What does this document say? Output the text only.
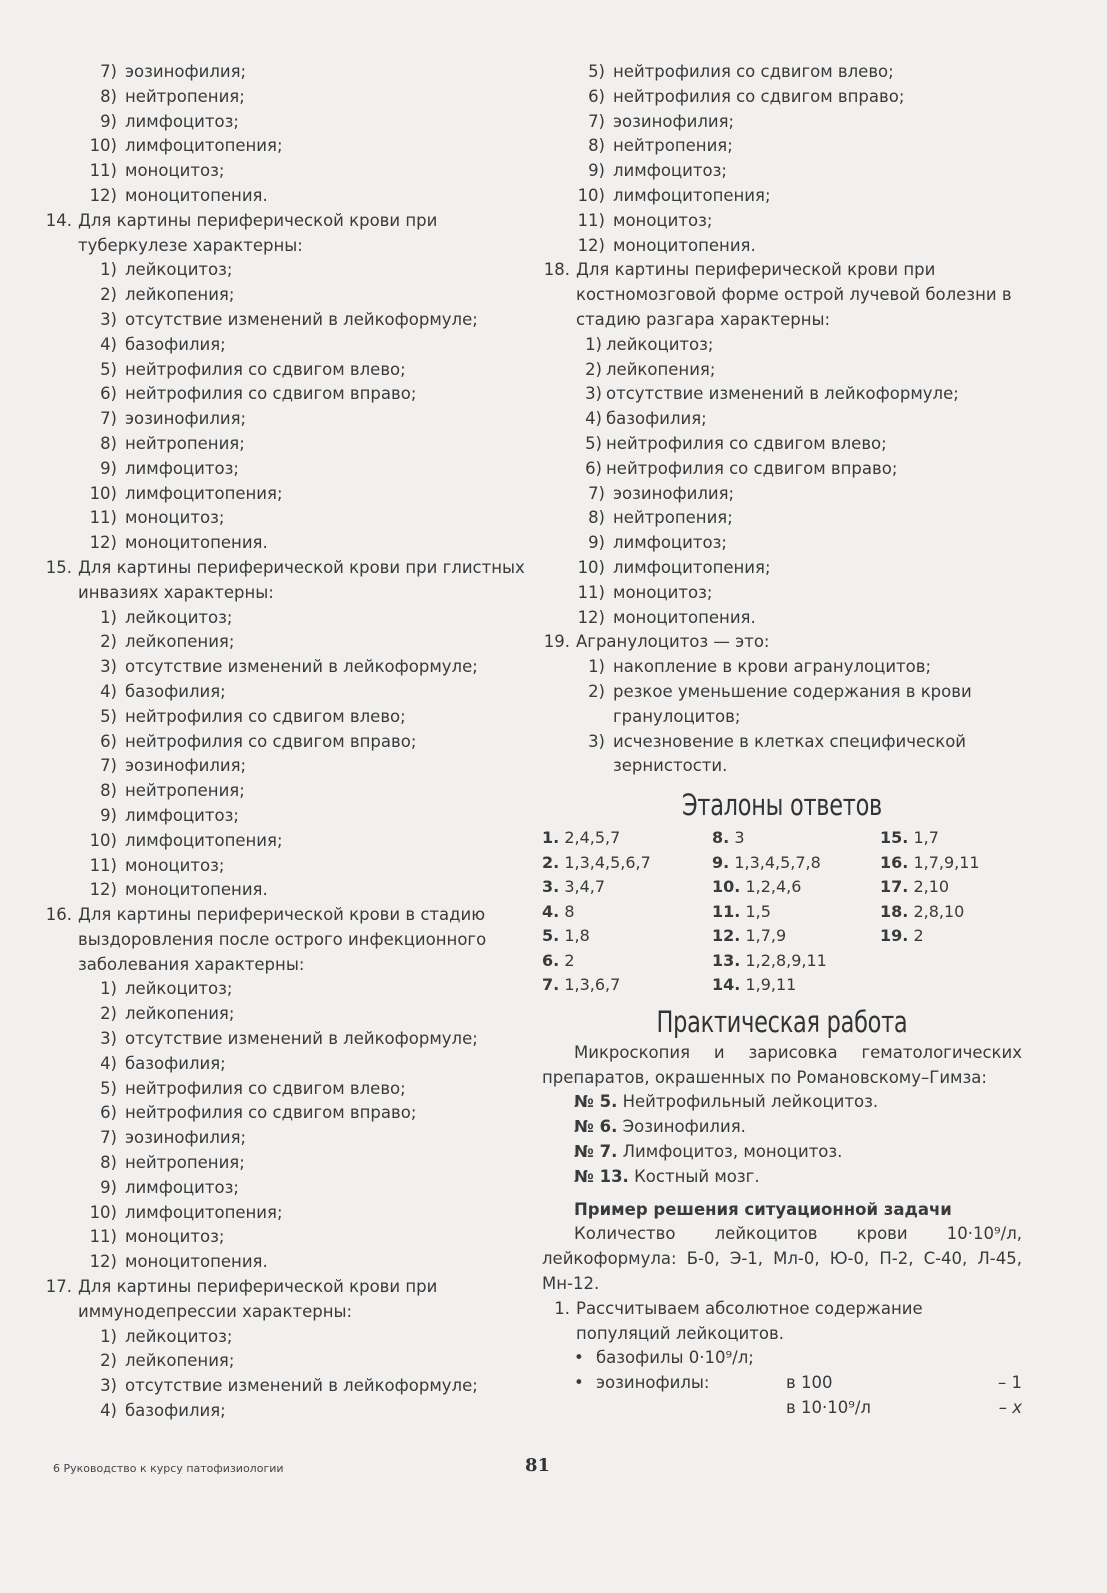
7) эозинофилия;
8) нейтропения;
9) лимфоцитоз;
10) лимфоцитопения;
11) моноцитоз;
12) моноцитопения.
14. Для картины периферической крови при туберкулезе характерны:
1) лейкоцитоз;
2) лейкопения;
3) отсутствие изменений в лейкоформуле;
4) базофилия;
5) нейтрофилия со сдвигом влево;
6) нейтрофилия со сдвигом вправо;
7) эозинофилия;
8) нейтропения;
9) лимфоцитоз;
10) лимфоцитопения;
11) моноцитоз;
12) моноцитопения.
15. Для картины периферической крови при глистных инвазиях характерны:
1) лейкоцитоз;
2) лейкопения;
3) отсутствие изменений в лейкоформуле;
4) базофилия;
5) нейтрофилия со сдвигом влево;
6) нейтрофилия со сдвигом вправо;
7) эозинофилия;
8) нейтропения;
9) лимфоцитоз;
10) лимфоцитопения;
11) моноцитоз;
12) моноцитопения.
16. Для картины периферической крови в стадию выздоровления после острого инфекционного заболевания характерны:
1) лейкоцитоз;
2) лейкопения;
3) отсутствие изменений в лейкоформуле;
4) базофилия;
5) нейтрофилия со сдвигом влево;
6) нейтрофилия со сдвигом вправо;
7) эозинофилия;
8) нейтропения;
9) лимфоцитоз;
10) лимфоцитопения;
11) моноцитоз;
12) моноцитопения.
17. Для картины периферической крови при иммунодепрессии характерны:
1) лейкоцитоз;
2) лейкопения;
3) отсутствие изменений в лейкоформуле;
4) базофилия;
5) нейтрофилия со сдвигом влево;
6) нейтрофилия со сдвигом вправо;
7) эозинофилия;
8) нейтропения;
9) лимфоцитоз;
10) лимфоцитопения;
11) моноцитоз;
12) моноцитопения.
18. Для картины периферической крови при костномозговой форме острой лучевой болезни в стадию разгара характерны:
1) лейкоцитоз;
2) лейкопения;
3) отсутствие изменений в лейкоформуле;
4) базофилия;
5) нейтрофилия со сдвигом влево;
6) нейтрофилия со сдвигом вправо;
7) эозинофилия;
8) нейтропения;
9) лимфоцитоз;
10) лимфоцитопения;
11) моноцитоз;
12) моноцитопения.
19. Агранулоцитоз — это:
1) накопление в крови агранулоцитов;
2) резкое уменьшение содержания в крови гранулоцитов;
3) исчезновение в клетках специфической зернистости.
Эталоны ответов
1. 2,4,5,7
2. 1,3,4,5,6,7
3. 3,4,7
4. 8
5. 1,8
6. 2
7. 1,3,6,7
8. 3
9. 1,3,4,5,7,8
10. 1,2,4,6
11. 1,5
12. 1,7,9
13. 1,2,8,9,11
14. 1,9,11
15. 1,7
16. 1,7,9,11
17. 2,10
18. 2,8,10
19. 2
Практическая работа
Микроскопия и зарисовка гематологических препаратов, окрашенных по Романовскому–Гимза:
№ 5. Нейтрофильный лейкоцитоз.
№ 6. Эозинофилия.
№ 7. Лимфоцитоз, моноцитоз.
№ 13. Костный мозг.
Пример решения ситуационной задачи
Количество лейкоцитов крови 10·10⁹/л, лейкоформула: Б-0, Э-1, Мл-0, Ю-0, П-2, С-40, Л-45, Мн-12.
1. Рассчитываем абсолютное содержание популяций лейкоцитов.
• базофилы 0·10⁹/л;
• эозинофилы:	в 100	– 1
в 10·10⁹/л	– x
6 Руководство к курсу патофизиологии	81
